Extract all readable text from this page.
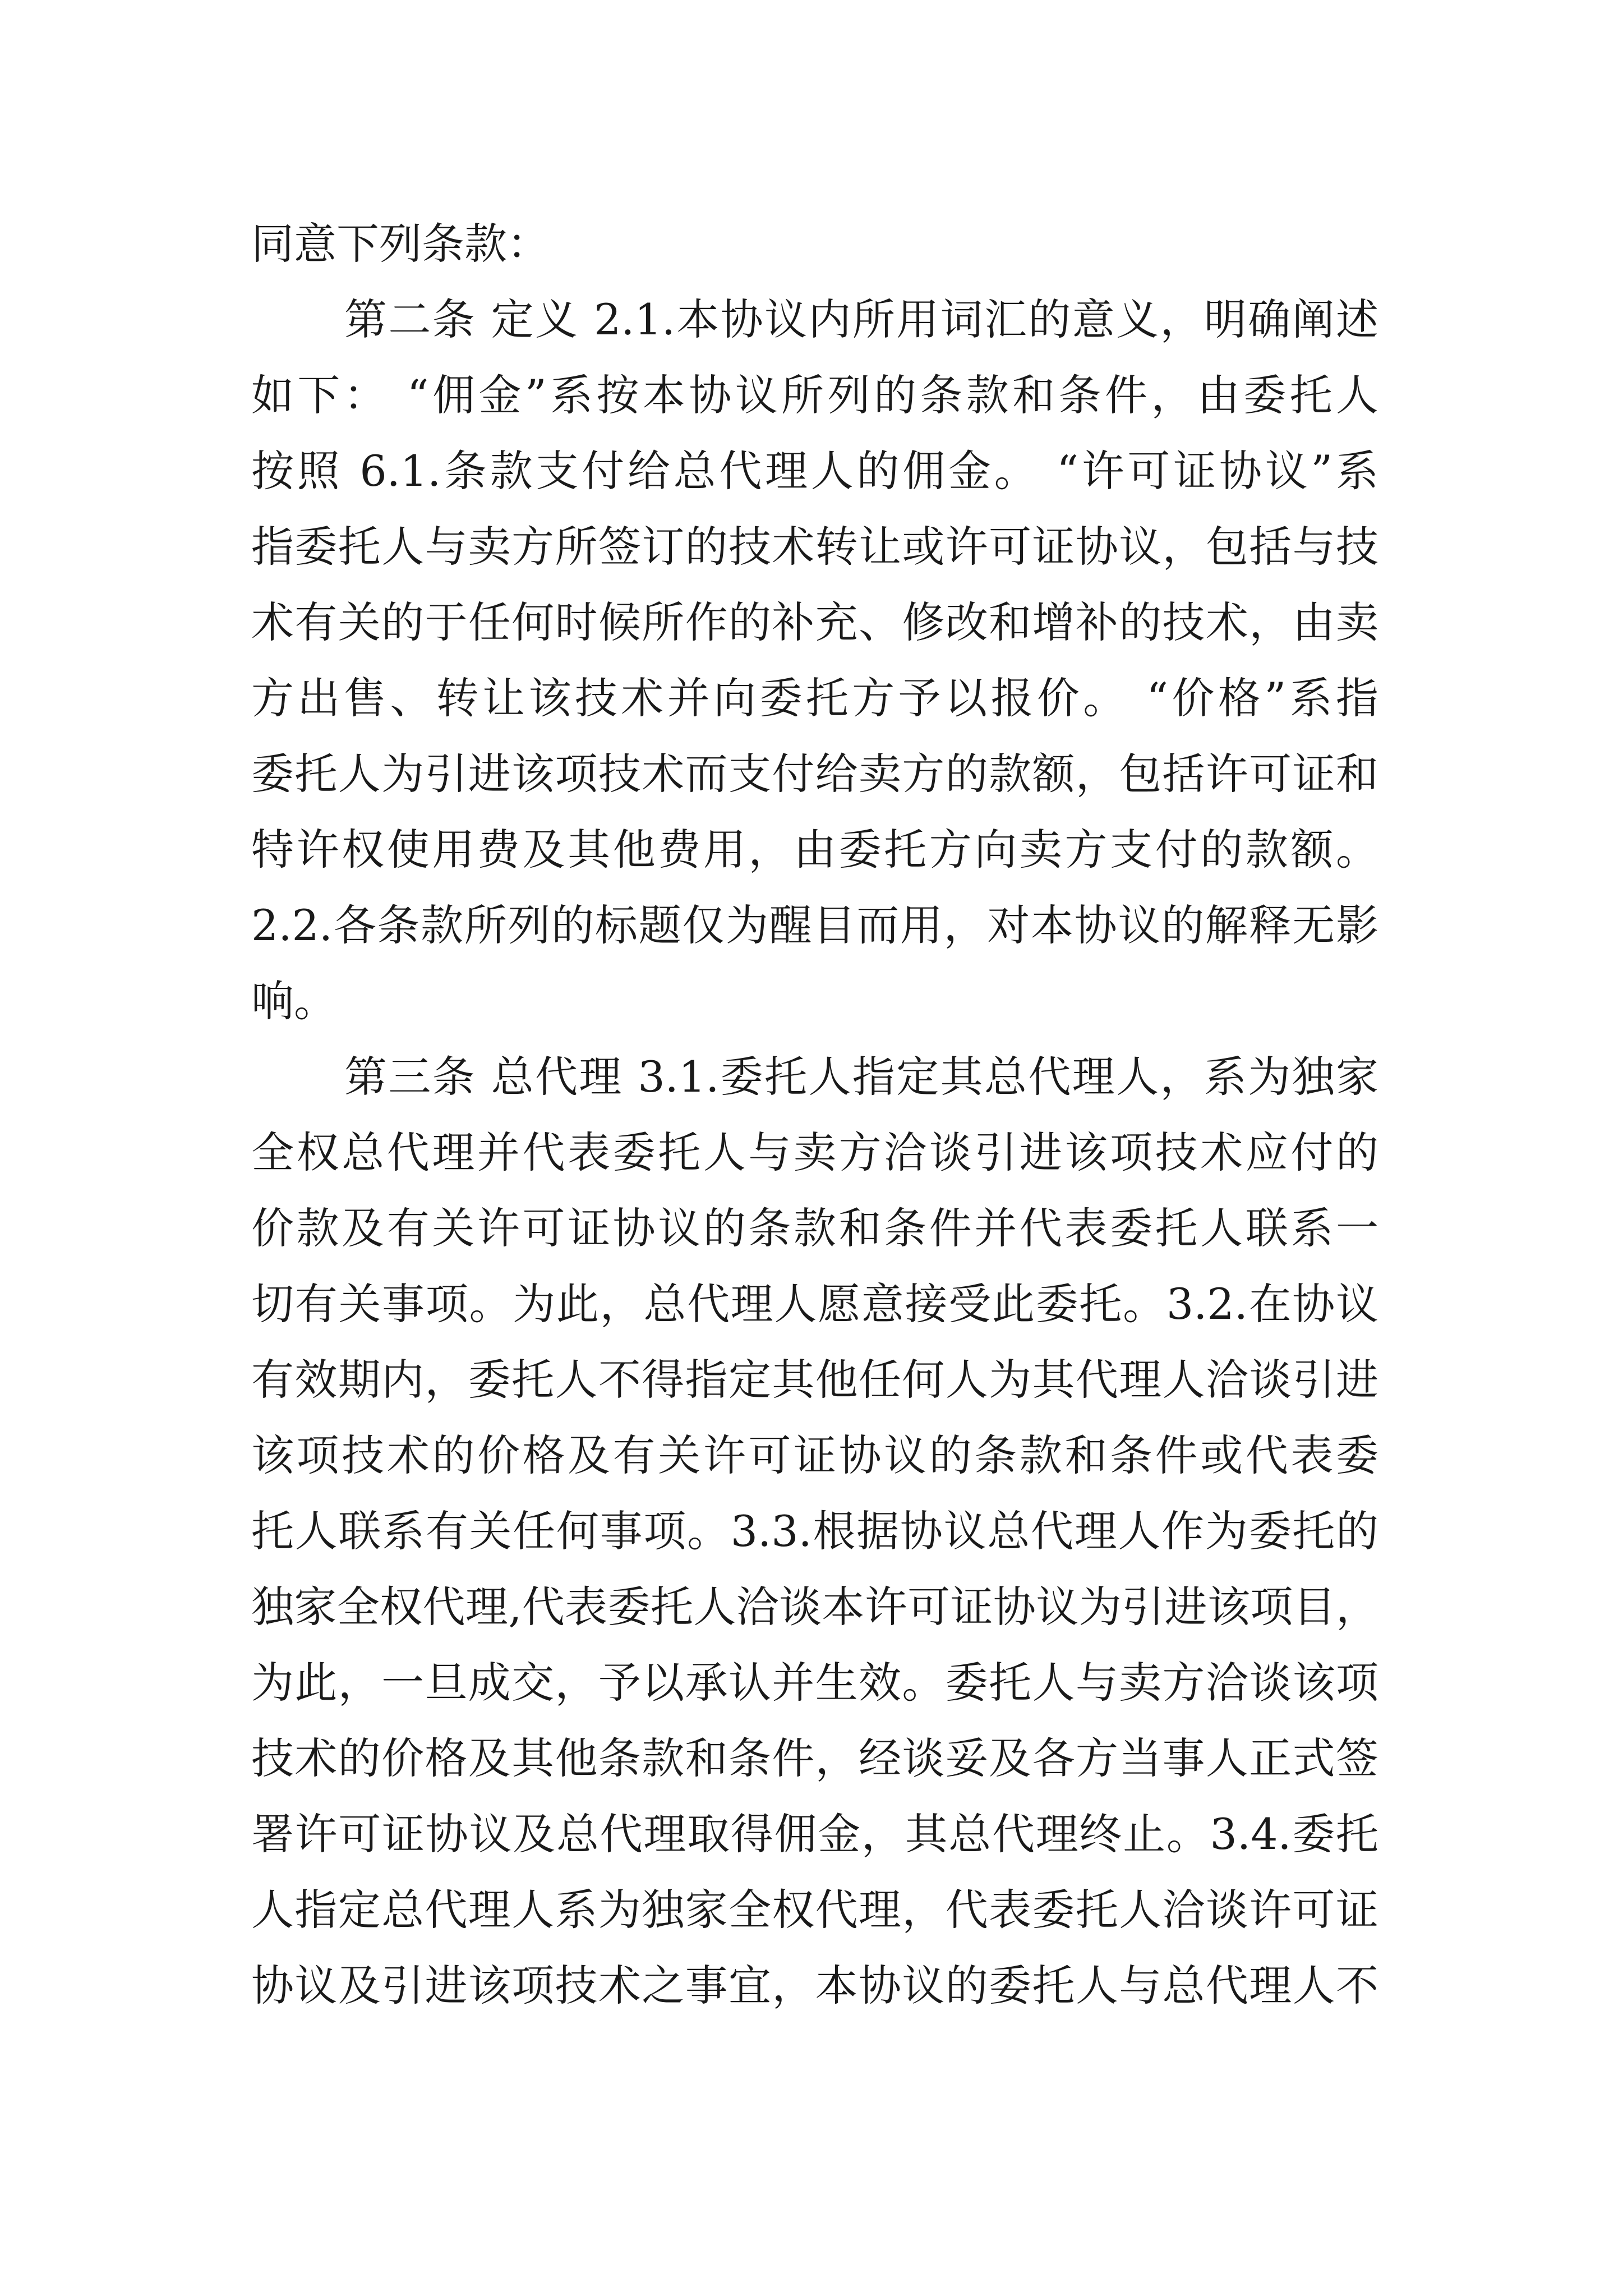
同意下列条款：
第二条 定义 2.1.本协议内所用词汇的意义，明确阐述
如下： “佣金”系按本协议所列的条款和条件，由委托人
按照 6.1.条款支付给总代理人的佣金。 “许可证协议”系
指委托人与卖方所签订的技术转让或许可证协议，包括与技
术有关的于任何时候所作的补充、修改和增补的技术，由卖
方出售、转让该技术并向委托方予以报价。 “价格”系指
委托人为引进该项技术而支付给卖方的款额，包括许可证和
特许权使用费及其他费用，由委托方向卖方支付的款额。
2.2.各条款所列的标题仅为醒目而用，对本协议的解释无影
响。
第三条 总代理 3.1.委托人指定其总代理人，系为独家
全权总代理并代表委托人与卖方洽谈引进该项技术应付的
价款及有关许可证协议的条款和条件并代表委托人联系一
切有关事项。为此，总代理人愿意接受此委托。3.2.在协议
有效期内，委托人不得指定其他任何人为其代理人洽谈引进
该项技术的价格及有关许可证协议的条款和条件或代表委
托人联系有关任何事项。3.3.根据协议总代理人作为委托的
独家全权代理,代表委托人洽谈本许可证协议为引进该项目，
为此，一旦成交，予以承认并生效。委托人与卖方洽谈该项
技术的价格及其他条款和条件，经谈妥及各方当事人正式签
署许可证协议及总代理取得佣金，其总代理终止。3.4.委托
人指定总代理人系为独家全权代理，代表委托人洽谈许可证
协议及引进该项技术之事宜，本协议的委托人与总代理人不
